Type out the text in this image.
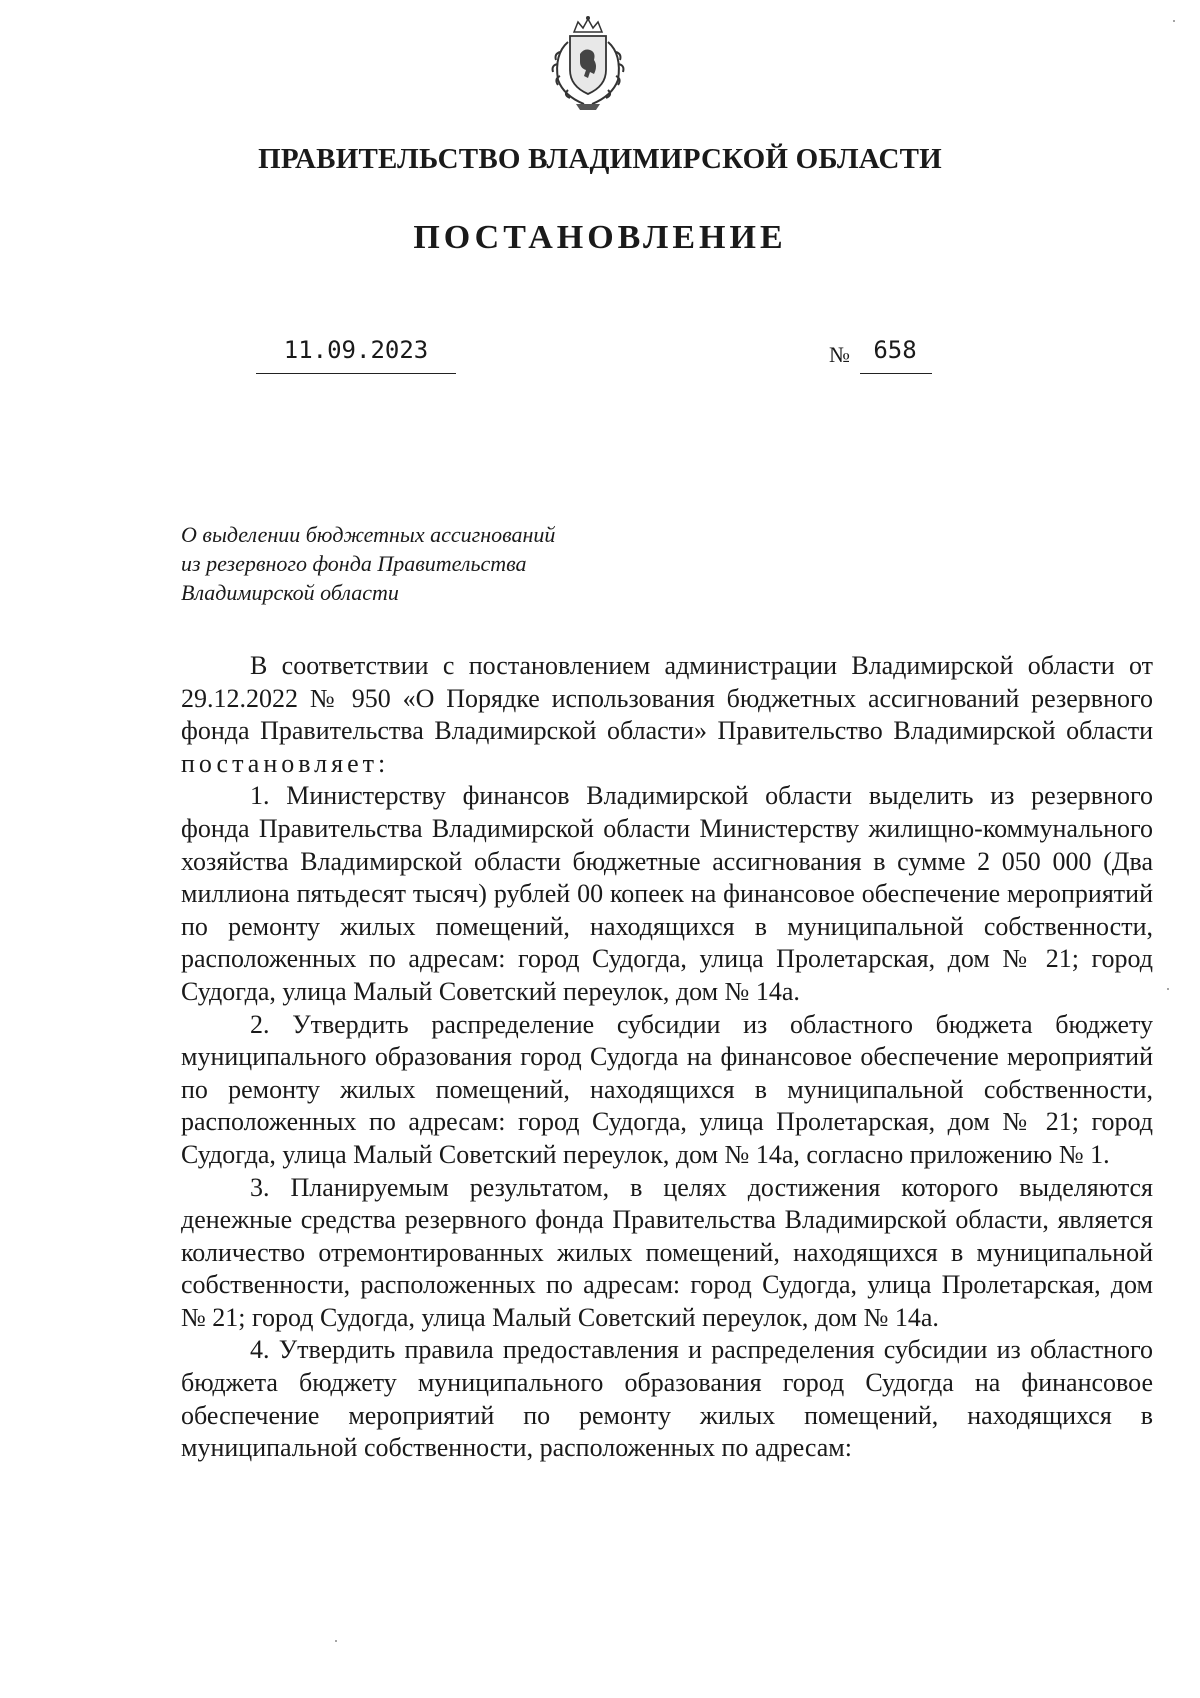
ПРАВИТЕЛЬСТВО ВЛАДИМИРСКОЙ ОБЛАСТИ
ПОСТАНОВЛЕНИЕ
11.09.2023	№ 658
О выделении бюджетных ассигнований
из резервного фонда Правительства
Владимирской области

В соответствии с постановлением администрации Владимирской области от 29.12.2022 № 950 «О Порядке использования бюджетных ассигнований резервного фонда Правительства Владимирской области» Правительство Владимирской области постановляет:

1. Министерству финансов Владимирской области выделить из резервного фонда Правительства Владимирской области Министерству жилищно-коммунального хозяйства Владимирской области бюджетные ассигнования в сумме 2 050 000 (Два миллиона пятьдесят тысяч) рублей 00 копеек на финансовое обеспечение мероприятий по ремонту жилых помещений, находящихся в муниципальной собственности, расположенных по адресам: город Судогда, улица Пролетарская, дом № 21; город Судогда, улица Малый Советский переулок, дом № 14а.

2. Утвердить распределение субсидии из областного бюджета бюджету муниципального образования город Судогда на финансовое обеспечение мероприятий по ремонту жилых помещений, находящихся в муниципальной собственности, расположенных по адресам: город Судогда, улица Пролетарская, дом № 21; город Судогда, улица Малый Советский переулок, дом № 14а, согласно приложению № 1.

3. Планируемым результатом, в целях достижения которого выделяются денежные средства резервного фонда Правительства Владимирской области, является количество отремонтированных жилых помещений, находящихся в муниципальной собственности, расположенных по адресам: город Судогда, улица Пролетарская, дом № 21; город Судогда, улица Малый Советский переулок, дом № 14а.

4. Утвердить правила предоставления и распределения субсидии из областного бюджета бюджету муниципального образования город Судогда на финансовое обеспечение мероприятий по ремонту жилых помещений, находящихся в муниципальной собственности, расположенных по адресам:
